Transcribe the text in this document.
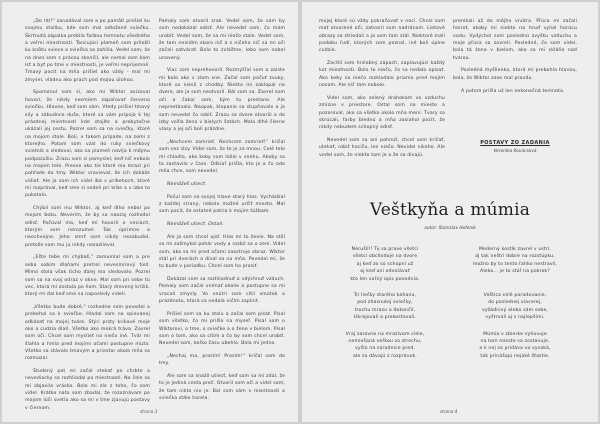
„Do rití!“ zanadával som a po pamäti prešiel ku svojmu stolíku, kde som mal odložené sviečku. Škrtnutá zápalka prebila farbou temnotu všedného a veľmi miestnosti. Tancujúci plameň som priložil ku knôtu sviece a sviečka sa zahlila. Vedel som, že na dnes som s prácou skončil, ale nemal som kam ísť a byť po tme v miestnosti, je veľmi nepríjemné. Tmavý pocit na mňa prišiel ako vždy - mal mi zmysel, vládnu ako prach pod mojou úlohou.

Spomenul som si, ako mi Wiktor avizoval hovorí, že nikdy nesmiem zapaľovať červenú sviečku. Hlavne, keď som sám. Vtedy prišiel tmavý sily a zábudnce duše, ktoré sa vám pripoja k tej prázdnej miestnosti kde stojíte a prebytočne ukázali jej cestu. Pozrel som sa na sviečky, ktoré na mojom stole. Boli, v takom prípade, na zemi z ktorejho. Potom som vzal do ruky sviečkový svietnik a sledoval, ako sa plameň navíja k môjmu podpazušiu. Zrazu som si pomyslel, keď nič nebolo na mojom tele. Presne ako tie ktoré ma mrazí pri pohľade do tmy. Wiktor vravieval, že ich dokáže vidieť. Ale ja som ich videl iba v príbehoch, ktoré mi rozprával, keď sme si sedeli pri krbe a v izbe to pukotalo.

Chýbil som mu Wiktor, aj keď dlho nebol po mojom boku. Neverím, že by sa naozaj rozhodol odísť. Počúval ma, keď mi hovoril o veciach, ktorým som nerozumel. Tak úprimne a neochvejne. Jeho smrť som nikdy nezabudol, pretože som mu ju nikdy nezazlieval.

„Ešte tebe mi chýbaš,“ zamumlal som a pre seba sobím dlaňami pretrel nevesmírový tiež. Mimo stola však ticho ďalej ma sledovalo. Pozrel som sa na svoj odraz v okne. Mal som pri sebe tú vec, ktorá mi zostala po ňom. Starý drevený krížik, ktorý mi dal keď sme sa naposledy videli.

„Všetko bude dobré,“ rozhodne som povedal a prebehol sa k sviečke. Hladal som na spievanej odkázať na mojej tváre. Stýri prsty krikavé moje oko a cudzia dlaň. Všetko ako mokrá tráva. Zavrel som oči. Chcel som myslieť na niečo iné. Tvár mi šlahla a hmla pred mojimi očami postupne mizla. Všetko sa stávalo tmavým a priestor okolo mňa sa rozmazal.

Študený pot mi začal stekať po chrbte a nevediacky sa rozhliadal po miestnosti. Na čele sa mi objavila vráska. Bolo mi zle z toho, čo som videl. Krátko nato som zbadal, že rozoznávam po mojom lúči svetla ako sa mi v tme zjavujú postavy v čiernom.

Pamaly som otvoril zrak. Vedel som, že sám by som nedokázal odísť. Ale nevedel som, čo mám urobiť. Vedel som, že sa mi niečo stalo. Vedel som, že tam nevidím skoro nič a z ničoho nič sa mi oči začali zatvárať. Bolo to zvláštne, lebo som nebol unavený.

Viac som neprehovoril. Rozmýšľal som a zaiste mi bolo ako v zlom sne. Začal som počuť zvuky, ktoré sa niesli z chodby. Niekto mi zaklopal na dvere, ale ja som neotvoril. Bál som sa. Zavrel som oči a čakal som, kým to prestane. Ale neprestávalo. Naopak, klopanie sa stupňovalo a ja som nevedel čo robiť. Zrazu sa dvere otvorili a do izby vošla žena v bielych šatách. Mala dlhé čierne vlasy a jej oči boli prázdne.

„Nechcem zomrieť. Nechcem zomrieť!“ kričal som cez slzy. Videl som, že to je za mnou. Celé telo mi chladlo, ako keby som ležal v snehu. Akoby sa to zastavilo v čase. Odkiaľ prišla, kto je a čo odo mňa chce, som nevedel.

Nemôžeš utiecť.

Počul som vo svojej hlave starý hlas. Vychádzal z každej strany, nebolo možné určiť miesto. Mal som pocit, že ostatné patria k mojim túžbam.

Nemôžeš utiecť. Ostaň.

Ale ja som chcel ujsť. Hlas mi to ženie. Na stôl sa mi zošmykol pohár vody a rozbil sa o zem. Videl som, ako sa mi pred očami zaostruje obraz. Wiktor stál pri dverách a díval sa na mňa. Povedal mi, že to bude v poriadku. Chcel som ho prosiť.

Dokázal som sa rozhliadnuť a vdýchnuť vzduch. Pomaly som začal vnímať okolie a postupne sa mi vracali zmysly. Vo vnútri som cítil smútok a prázdnotu, ktorá sa nedala ničím zaplniť.

Prišiel som sa ku stolu a začal som písať. Písal som všetko, čo mi prišlo na myseľ. Písal som o Wiktorovi, o tme, o sviečke a o žene v bielom. Písal som o tom, ako sa cítim a čo by som chcel urobiť. Nevedel som, koľko času ubehlo. Bolo mi jedno.

„Nechaj ma, prosím! Prosím!“ kričal som do tmy.

Ale som sa snažil utiecť, keď som sa mi zdal, že to je jediná cesta preč. Otvoril som oči a videl som, že tam nikto nie je. Bol som sám v miestnosti a sviečka stále horela.

strana 3

mojej ktoré sú vždy pokračovať v noci. Chcel som mať otvorené oči, zatvoril som nadránom. Lietavé obrazy sa striedali a ja som tam stál. Niektoré mali podobu ľudí, ktorých som poznal, iné boli úplne cudzie.

Zacítil som hnilobný zápach, zaplavujúci každý kút miestnosti. Bolo to niečo, čo sa nedalo opísať. Ako keby sa niečo rozkladalo priamo pred mojím nosom. Ale nič tam nebolo.

Videl som, ako zelený drahokam vo vzduchu zmizne v priestore. Ostal som na mieste a pozoroval, ako sa všetko okolo mňa mení. Tvary sa skrúcali, farby blednú a mňa zasiahol pocit, že nikdy nebudem schopný odísť.

Nevedel som sa ani pohnúť, chcel som kričať, utekať, robiť hocičo, len niečo. Nevidel nikoho. Ale vedel som, že niekto tam je a že sa dívajú.

prenikali až do môjho vnútra. Pľúca mi začali horieť, akoby mi niekto na hruď vylial horúcu vodu. Vydýchol som poslednú zvyšku vzduchu a moje pľúca sa zovreli. Posledné, čo som videl, bola tá žena v bielom, ako sa mi skláňa nad tvárou.

Posledná myšlienka, ktorá mi prebehla hlavou, bola, že Wiktor zase mal pravdu.

A potom prišla už len nekonečná temnota.

POSTAVY ZO ZADANIA
Veronika Kovácsová
Veštkyňa a múmia
autor: Stanislav Hofenik
Nerušil!! Tu sa prave všetci
všetci obchoduje na dvore
aj keď zo sú schopní už
aj keď ani odvolávať
kto len voľný opis povodnia.
Mederný kostík zavrel v ustrí,
aj tak neštri dobre na rozstúpku,
možno by to tento ľahko nestravil,
Aleko... je to stáľ na pokrok?
Tri liečky starého kahanu,
pod zhasnutej sviečky,
trochu mrazu a dokončil,
Ukrajovali a prekostovali.
Veštica celé poradovanie,
do poslednej viacerej,
vyžádnivý alebo sám sebe,
vyštrvali aj s najlepšími.
Vraj zarovno na mrazivom ciele,
nemiešaná veľkou zo strechu,
vyšlo na súradnice pred,
ale sa dávajú z rozprávok.
Múmia v zbierke vyhovuje
na tom mieste sa zostavuje,
a k nej sa pridáva vo vysoká,
tak prinášajú nejaké šťastie.
strana 4
